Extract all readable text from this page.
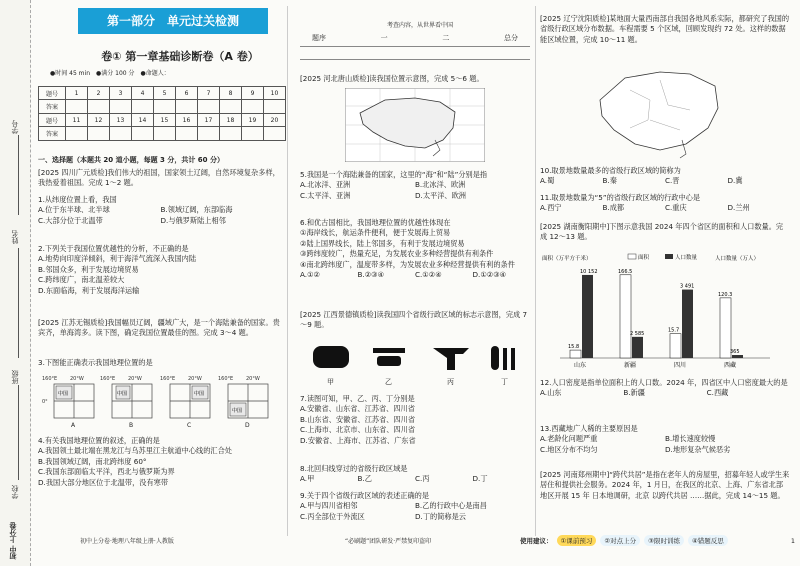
学号
姓名
班级
学校
初中 上分卷
第一部分　单元过关检测
卷① 第一章基础诊断卷（A 卷）
●时间 45 min　●满分 100 分　●命题人：
题号	1	2	3	4	5	6	7	8	9	10
答案										
题号	11	12	13	14	15	16	17	18	19	20
答案										
一、选择题（本题共 20 道小题，每题 3 分，共计 60 分）
[2025 四川广元质检]我们伟大的祖国，国家领土辽阔，自然环境复杂多样，我热爱着祖国。完成 1～2 题。
1.从纬度位置上看，我国
A.位于东半球、北半球	B.领域辽阔，东部临海
C.大部分位于北温带	D.与俄罗斯陆上相邻
2.下列关于我国位置优越性的分析，不正确的是
A.地势向印度洋倾斜，利于海洋气流深入我国内陆
B.邻国众多，利于发展边境贸易
C.跨纬度广，南北温差较大
D.东面临海，利于发展海洋运输
[2025 江苏无锡质检]我国幅员辽阔，疆域广大，是一个海陆兼备的国家。贵宾齐，单海湾多。读下图，确定我国位置最佳的图。完成 3～4 题。
3.下图能正确表示我国地理位置的是
160°E	20°W	160°E	20°W	160°E	20°W	160°E	20°W
0°
中国	中国	中国
中国
A	B	C	D
4.有关我国地理位置的叙述，正确的是
A.我国领土最北端在黑龙江与乌苏里江主航道中心线的汇合处
B.我国领域辽阔，南北跨纬度 60°
C.我国东部面临太平洋，西北与俄罗斯为界
D.我国大部分地区位于北温带，没有寒带
初中上分卷·地理八年级上册·人教版
考查内容，从世界看中国
题序	一	二	总分
[2025 河北唐山质检]读我国位置示意图，完成 5～6 题。
5.我国是一个海陆兼备的国家，这里的“海”和“陆”分别是指
A.北冰洋、亚洲	B.北冰洋、欧洲
C.太平洋、亚洲	D.太平洋、欧洲
6.和优古国相比，我国地理位置的优越性体现在
①海岸线长，航运条件便利，便于发展海上贸易
②陆上国界线长，陆上邻国多，有利于发展边境贸易
③跨纬度较广，热量充足，为发展农业多种经营提供有利条件
④南北跨纬度广，温度带多样，为发展农业多种经营提供有利的条件
A.①②	B.②③④	C.①②④	D.①②③④
[2025 江西景德镇质检]读我国四个省级行政区域的标志示意图，完成 7～9 题。
甲	乙	丙	丁
7.读图可知，甲、乙、丙、丁分别是
A.安徽省、山东省、江苏省、四川省
B.山东省、安徽省、江苏省、四川省
C.上海市、北京市、山东省、四川省
D.安徽省、上海市、江苏省、广东省
8.北回归线穿过的省级行政区域是
A.甲	B.乙	C.丙	D.丁
9.关于四个省级行政区域的表述正确的是
A.甲与四川省相邻	B.乙的行政中心是南昌
C.丙全部位于外流区	D.丁的简称是云
“必刷题”团队研发·严禁复印盗印
[2025 辽宁沈阳质检]某地面大量西南部自我国各地风系实际，都研究了我国的省级行政区域分布数据。车程需要 5 个区域，回顾发现约 72 处。这样的数据能区域位置，完成 10～11 题。
10.取景地数量最多的省级行政区域的简称为
A.蜀	B.秦	C.晋	D.冀
11.取景地数量为“5”的省级行政区域的行政中心是
A.西宁	B.成都	C.重庆	D.兰州
[2025 湖南衡阳期中]下图示意我国 2024 年四个省区的面积和人口数量。完成 12～13 题。
面积（万平方千米）	人口数量（万人）
面积	人口数量
15.8
10 152
山东
166.5
2 585
新疆
15.7
3 491
四川
120.3
365
西藏
12.人口密度是指单位面积上的人口数。2024 年，四省区中人口密度最大的是
A.山东	B.新疆	C.西藏
13.西藏地广人稀的主要原因是
A.老龄化问题严重	B.增长速度较慢
C.地区分布不均匀	D.地形复杂气候恶劣
[2025 河南郑州期中]“跨代共居”是指在老年人的房屋里，招募年轻人或学生来居住和提供社会服务。2024 年，1 月日，在我区的北京、上海、广东省北部地区开展 15 年 日本地调研，北京 以跨代共居 ……据此，完成 14～15 题。
使用建议：	①课前预习	②对点上分	③限时训练	④错题反思	1
